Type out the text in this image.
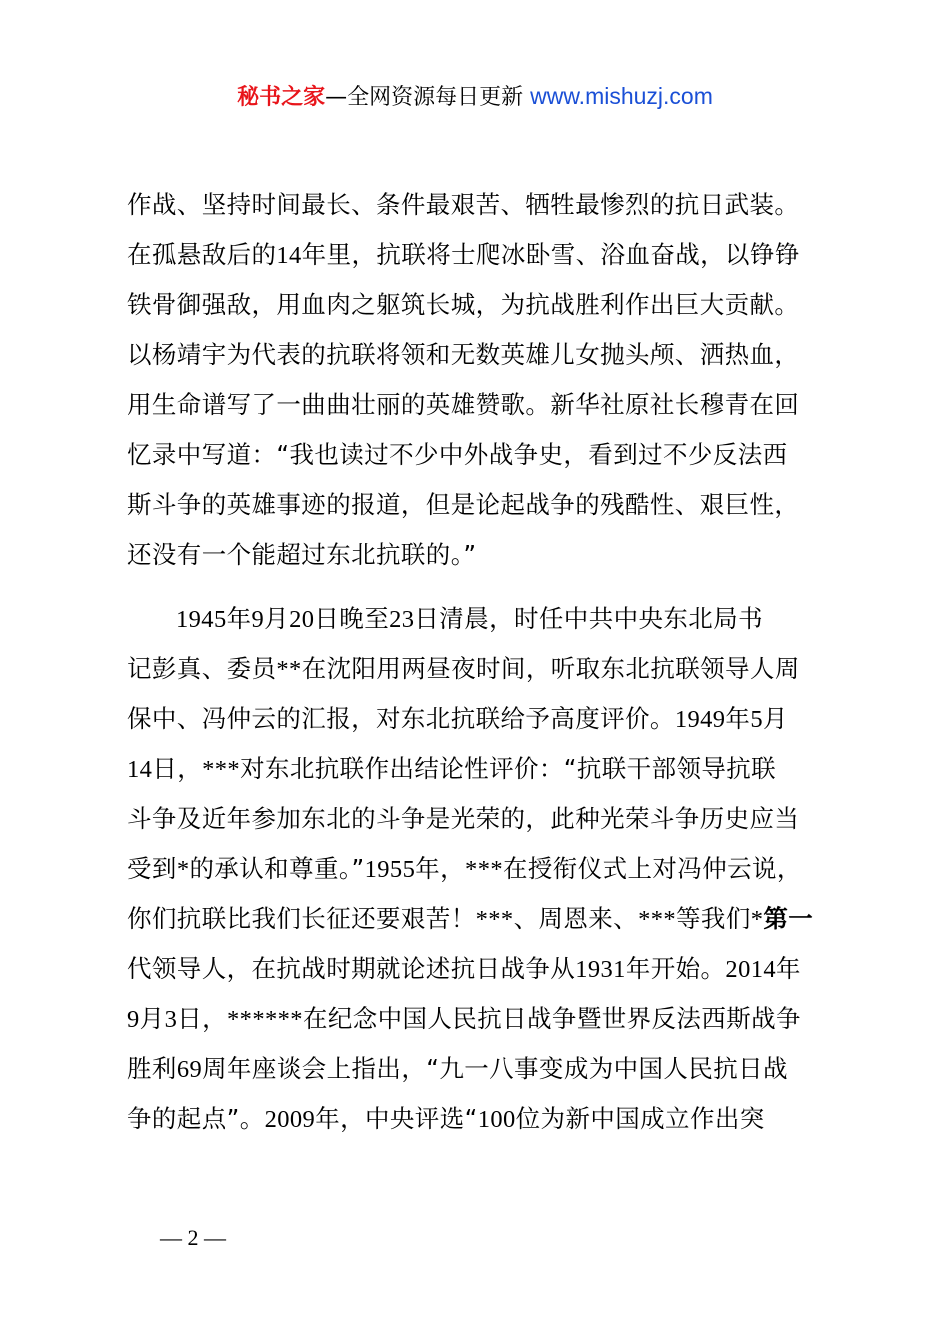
秘书之家—全网资源每日更新 www.mishuzj.com
作战、坚持时间最长、条件最艰苦、牺牲最惨烈的抗日武装。
在孤悬敌后的14年里，抗联将士爬冰卧雪、浴血奋战，以铮铮
铁骨御强敌，用血肉之躯筑长城，为抗战胜利作出巨大贡献。
以杨靖宇为代表的抗联将领和无数英雄儿女抛头颅、洒热血，
用生命谱写了一曲曲壮丽的英雄赞歌。新华社原社长穆青在回
忆录中写道：“我也读过不少中外战争史，看到过不少反法西
斯斗争的英雄事迹的报道，但是论起战争的残酷性、艰巨性，
还没有一个能超过东北抗联的。”
1945年9月20日晚至23日清晨，时任中共中央东北局书
记彭真、委员**在沈阳用两昼夜时间，听取东北抗联领导人周
保中、冯仲云的汇报，对东北抗联给予高度评价。1949年5月
14日，***对东北抗联作出结论性评价：“抗联干部领导抗联
斗争及近年参加东北的斗争是光荣的，此种光荣斗争历史应当
受到*的承认和尊重。”1955年，***在授衔仪式上对冯仲云说，
你们抗联比我们长征还要艰苦！***、周恩来、***等我们*第一
代领导人，在抗战时期就论述抗日战争从1931年开始。2014年
9月3日，******在纪念中国人民抗日战争暨世界反法西斯战争
胜利69周年座谈会上指出，“九一八事变成为中国人民抗日战
争的起点”。2009年，中央评选“100位为新中国成立作出突
— 2 —
